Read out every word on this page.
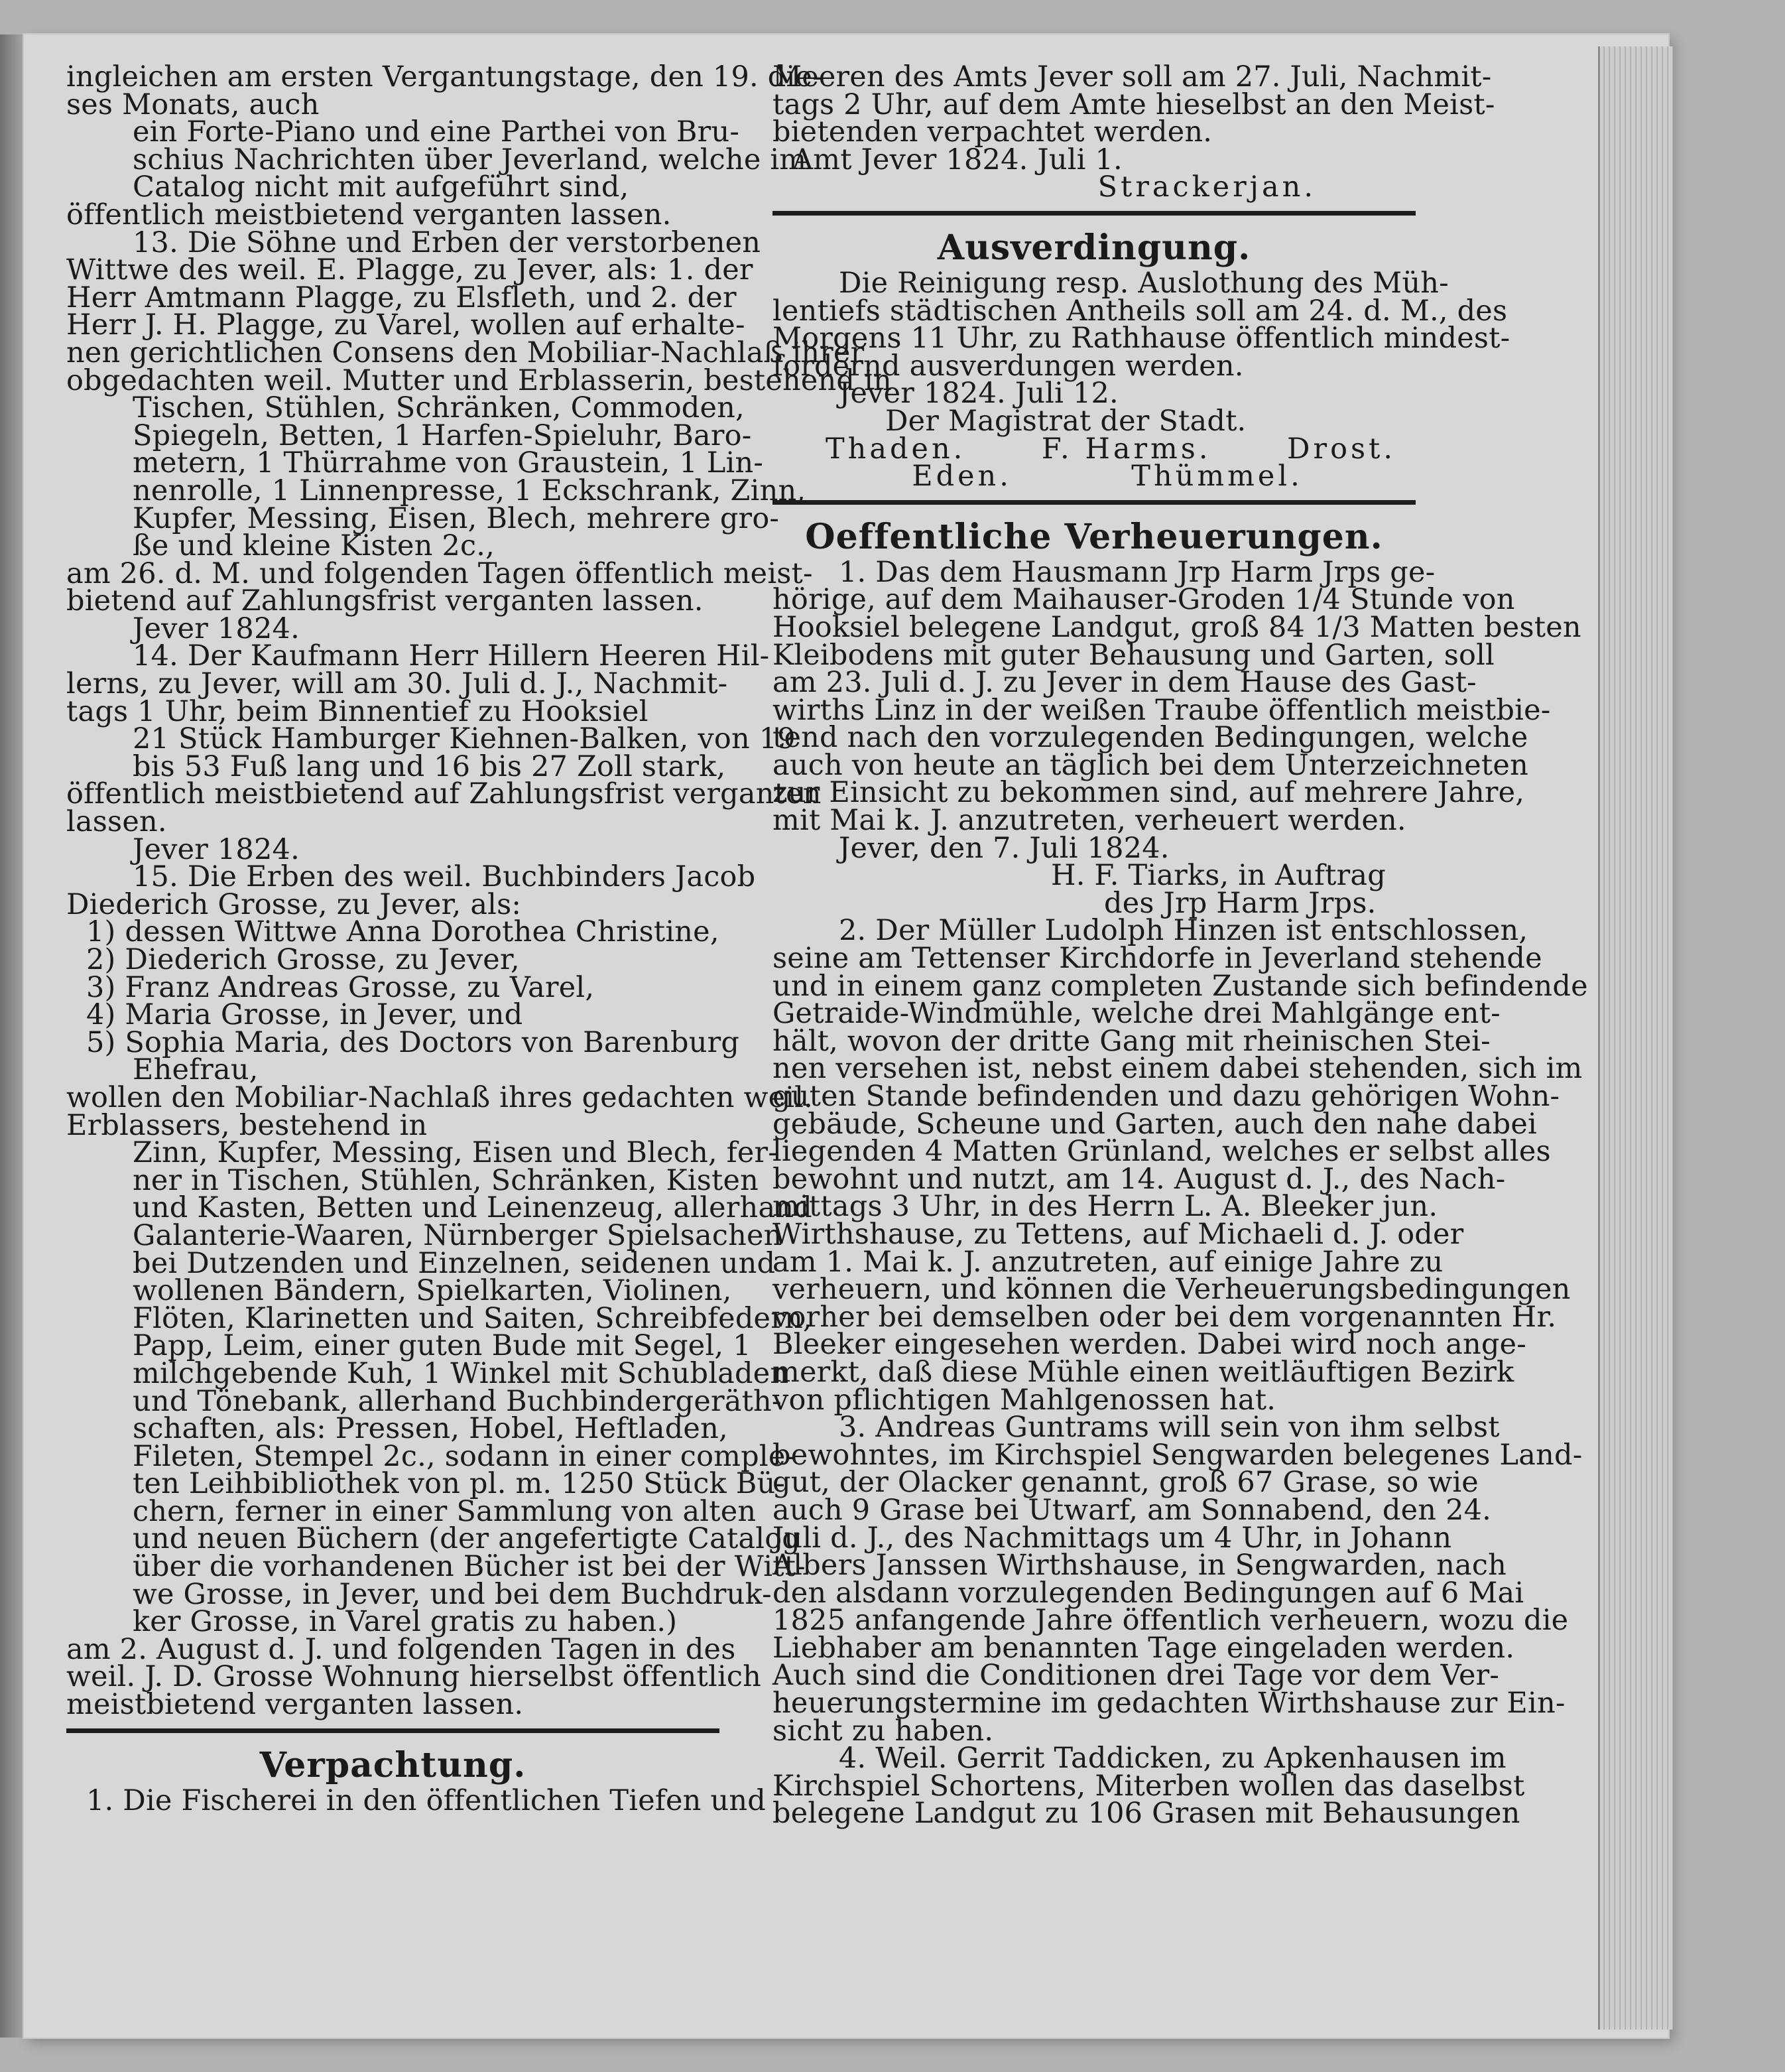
ingleichen am ersten Vergantungstage, den 19. die-

ses Monats, auch

ein Forte-Piano und eine Parthei von Bru-

schius Nachrichten über Jeverland, welche im

Catalog nicht mit aufgeführt sind,

öffentlich meistbietend verganten lassen.

13. Die Söhne und Erben der verstorbenen

Wittwe des weil. E. Plagge, zu Jever, als: 1. der

Herr Amtmann Plagge, zu Elsfleth, und 2. der

Herr J. H. Plagge, zu Varel, wollen auf erhalte-

nen gerichtlichen Consens den Mobiliar-Nachlaß ihrer

obgedachten weil. Mutter und Erblasserin, bestehend in

Tischen, Stühlen, Schränken, Commoden,

Spiegeln, Betten, 1 Harfen-Spieluhr, Baro-

metern, 1 Thürrahme von Graustein, 1 Lin-

nenrolle, 1 Linnenpresse, 1 Eckschrank, Zinn,

Kupfer, Messing, Eisen, Blech, mehrere gro-

ße und kleine Kisten 2c.,

am 26. d. M. und folgenden Tagen öffentlich meist-

bietend auf Zahlungsfrist verganten lassen.

Jever 1824.

14. Der Kaufmann Herr Hillern Heeren Hil-

lerns, zu Jever, will am 30. Juli d. J., Nachmit-

tags 1 Uhr, beim Binnentief zu Hooksiel

21 Stück Hamburger Kiehnen-Balken, von 19

bis 53 Fuß lang und 16 bis 27 Zoll stark,

öffentlich meistbietend auf Zahlungsfrist verganten

lassen.

Jever 1824.

15. Die Erben des weil. Buchbinders Jacob

Diederich Grosse, zu Jever, als:

1) dessen Wittwe Anna Dorothea Christine,

2) Diederich Grosse, zu Jever,

3) Franz Andreas Grosse, zu Varel,

4) Maria Grosse, in Jever, und

5) Sophia Maria, des Doctors von Barenburg

Ehefrau,

wollen den Mobiliar-Nachlaß ihres gedachten weil.

Erblassers, bestehend in

Zinn, Kupfer, Messing, Eisen und Blech, fer-

ner in Tischen, Stühlen, Schränken, Kisten

und Kasten, Betten und Leinenzeug, allerhand

Galanterie-Waaren, Nürnberger Spielsachen

bei Dutzenden und Einzelnen, seidenen und

wollenen Bändern, Spielkarten, Violinen,

Flöten, Klarinetten und Saiten, Schreibfedern,

Papp, Leim, einer guten Bude mit Segel, 1

milchgebende Kuh, 1 Winkel mit Schubladen

und Tönebank, allerhand Buchbindergeräth-

schaften, als: Pressen, Hobel, Heftladen,

Fileten, Stempel 2c., sodann in einer comple-

ten Leihbibliothek von pl. m. 1250 Stück Bü-

chern, ferner in einer Sammlung von alten

und neuen Büchern (der angefertigte Catalog

über die vorhandenen Bücher ist bei der Witt-

we Grosse, in Jever, und bei dem Buchdruk-

ker Grosse, in Varel gratis zu haben.)

am 2. August d. J. und folgenden Tagen in des

weil. J. D. Grosse Wohnung hierselbst öffentlich

meistbietend verganten lassen.

Verpachtung.

1. Die Fischerei in den öffentlichen Tiefen und

Meeren des Amts Jever soll am 27. Juli, Nachmit-

tags 2 Uhr, auf dem Amte hieselbst an den Meist-

bietenden verpachtet werden.

Amt Jever 1824. Juli 1.

Strackerjan.

Ausverdingung.

Die Reinigung resp. Auslothung des Müh-

lentiefs städtischen Antheils soll am 24. d. M., des

Morgens 11 Uhr, zu Rathhause öffentlich mindest-

fordernd ausverdungen werden.

Jever 1824. Juli 12.

Der Magistrat der Stadt.

Thaden.	F. Harms.	Drost.
Eden.	Thümmel.

Oeffentliche Verheuerungen.

1. Das dem Hausmann Jrp Harm Jrps ge-

hörige, auf dem Maihauser-Groden 1/4 Stunde von

Hooksiel belegene Landgut, groß 84 1/3 Matten besten

Kleibodens mit guter Behausung und Garten, soll

am 23. Juli d. J. zu Jever in dem Hause des Gast-

wirths Linz in der weißen Traube öffentlich meistbie-

tend nach den vorzulegenden Bedingungen, welche

auch von heute an täglich bei dem Unterzeichneten

zur Einsicht zu bekommen sind, auf mehrere Jahre,

mit Mai k. J. anzutreten, verheuert werden.

Jever, den 7. Juli 1824.

H. F. Tiarks, in Auftrag

des Jrp Harm Jrps.

2. Der Müller Ludolph Hinzen ist entschlossen,

seine am Tettenser Kirchdorfe in Jeverland stehende

und in einem ganz completen Zustande sich befindende

Getraide-Windmühle, welche drei Mahlgänge ent-

hält, wovon der dritte Gang mit rheinischen Stei-

nen versehen ist, nebst einem dabei stehenden, sich im

guten Stande befindenden und dazu gehörigen Wohn-

gebäude, Scheune und Garten, auch den nahe dabei

liegenden 4 Matten Grünland, welches er selbst alles

bewohnt und nutzt, am 14. August d. J., des Nach-

mittags 3 Uhr, in des Herrn L. A. Bleeker jun.

Wirthshause, zu Tettens, auf Michaeli d. J. oder

am 1. Mai k. J. anzutreten, auf einige Jahre zu

verheuern, und können die Verheuerungsbedingungen

vorher bei demselben oder bei dem vorgenannten Hr.

Bleeker eingesehen werden. Dabei wird noch ange-

merkt, daß diese Mühle einen weitläuftigen Bezirk

von pflichtigen Mahlgenossen hat.

3. Andreas Guntrams will sein von ihm selbst

bewohntes, im Kirchspiel Sengwarden belegenes Land-

gut, der Olacker genannt, groß 67 Grase, so wie

auch 9 Grase bei Utwarf, am Sonnabend, den 24.

Juli d. J., des Nachmittags um 4 Uhr, in Johann

Albers Janssen Wirthshause, in Sengwarden, nach

den alsdann vorzulegenden Bedingungen auf 6 Mai

1825 anfangende Jahre öffentlich verheuern, wozu die

Liebhaber am benannten Tage eingeladen werden.

Auch sind die Conditionen drei Tage vor dem Ver-

heuerungstermine im gedachten Wirthshause zur Ein-

sicht zu haben.

4. Weil. Gerrit Taddicken, zu Apkenhausen im

Kirchspiel Schortens, Miterben wollen das daselbst

belegene Landgut zu 106 Grasen mit Behausungen
